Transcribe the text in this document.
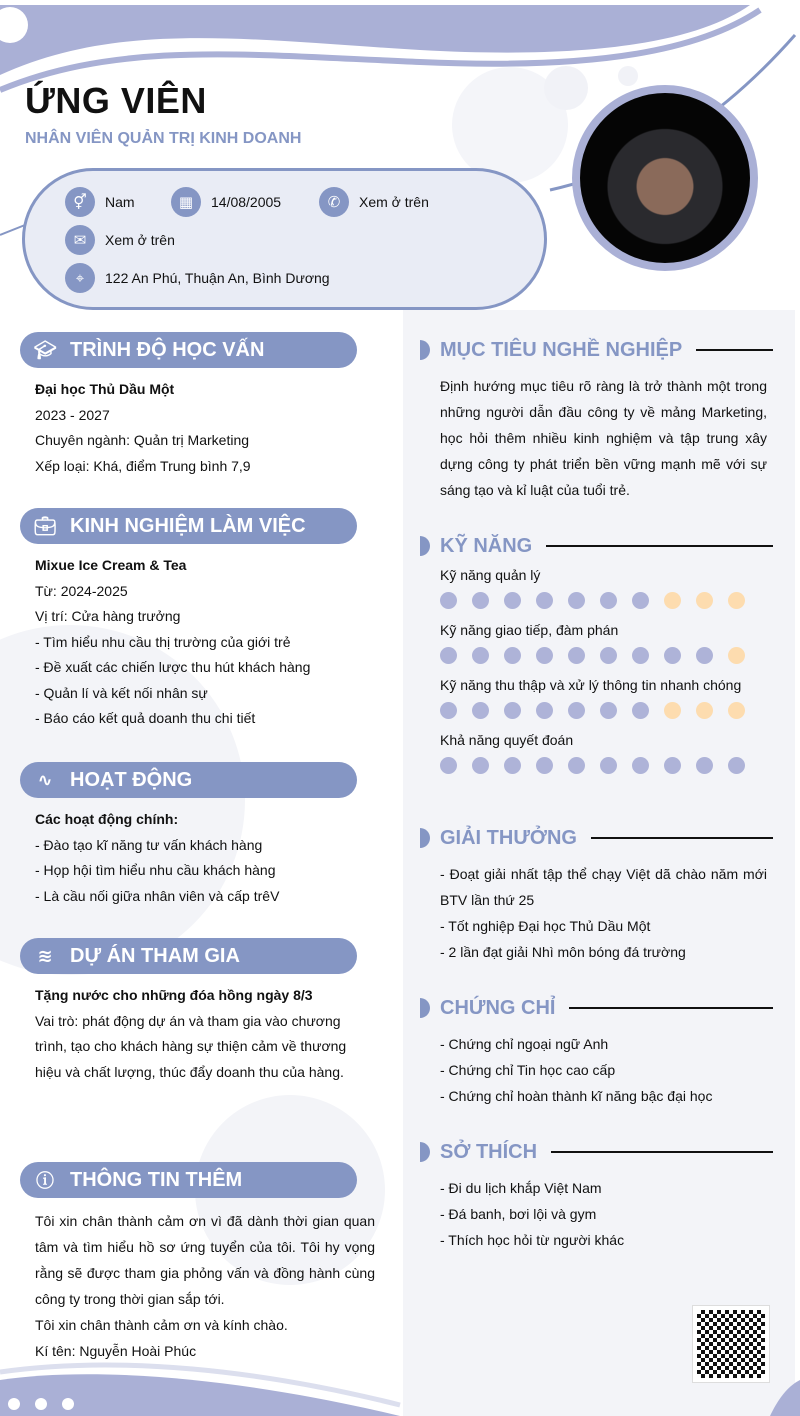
ỨNG VIÊN
NHÂN VIÊN QUẢN TRỊ KINH DOANH
⚥	Nam	▦	14/08/2005	✆	Xem ở trên
✉	Xem ở trên
⌖	122 An Phú, Thuận An, Bình Dương
🎓︎ TRÌNH ĐỘ HỌC VẤN
Đại học Thủ Dầu Một
2023 - 2027
Chuyên ngành: Quản trị Marketing
Xếp loại: Khá, điểm Trung bình 7,9
💼︎ KINH NGHIỆM LÀM VIỆC
Mixue Ice Cream & Tea
Từ: 2024-2025
Vị trí: Cửa hàng trưởng
- Tìm hiểu nhu cầu thị trường của giới trẻ
- Đề xuất các chiến lược thu hút khách hàng
- Quản lí và kết nối nhân sự
- Báo cáo kết quả doanh thu chi tiết
∿ HOẠT ĐỘNG
Các hoạt động chính:
- Đào tạo kĩ năng tư vấn khách hàng
- Họp hội tìm hiểu nhu cầu khách hàng
- Là cầu nối giữa nhân viên và cấp trêV
≋ DỰ ÁN THAM GIA
Tặng nước cho những đóa hồng ngày 8/3
Vai trò: phát động dự án và tham gia vào chương trình, tạo cho khách hàng sự thiện cảm về thương hiệu và chất lượng, thúc đẩy doanh thu của hàng.
ⓘ THÔNG TIN THÊM
Tôi xin chân thành cảm ơn vì đã dành thời gian quan tâm và tìm hiểu hồ sơ ứng tuyển của tôi. Tôi hy vọng rằng sẽ được tham gia phỏng vấn và đồng hành cùng công ty trong thời gian sắp tới.
Tôi xin chân thành cảm ơn và kính chào.
Kí tên: Nguyễn Hoài Phúc
MỤC TIÊU NGHỀ NGHIỆP
Định hướng mục tiêu rõ ràng là trở thành một trong những người dẫn đầu công ty về mảng Marketing, học hỏi thêm nhiều kinh nghiệm và tập trung xây dựng công ty phát triển bền vững mạnh mẽ với sự sáng tạo và kỉ luật của tuổi trẻ.
KỸ NĂNG
Kỹ năng quản lý
Kỹ năng giao tiếp, đàm phán
Kỹ năng thu thập và xử lý thông tin nhanh chóng
Khả năng quyết đoán
GIẢI THƯỞNG
- Đoạt giải nhất tập thể chạy Việt dã chào năm mới BTV lần thứ 25
- Tốt nghiệp Đại học Thủ Dầu Một
- 2 lần đạt giải Nhì môn bóng đá trường
CHỨNG CHỈ
- Chứng chỉ ngoại ngữ Anh
- Chứng chỉ Tin học cao cấp
- Chứng chỉ hoàn thành kĩ năng bậc đại học
SỞ THÍCH
- Đi du lịch khắp Việt Nam
- Đá banh, bơi lội và gym
- Thích học hỏi từ người khác
